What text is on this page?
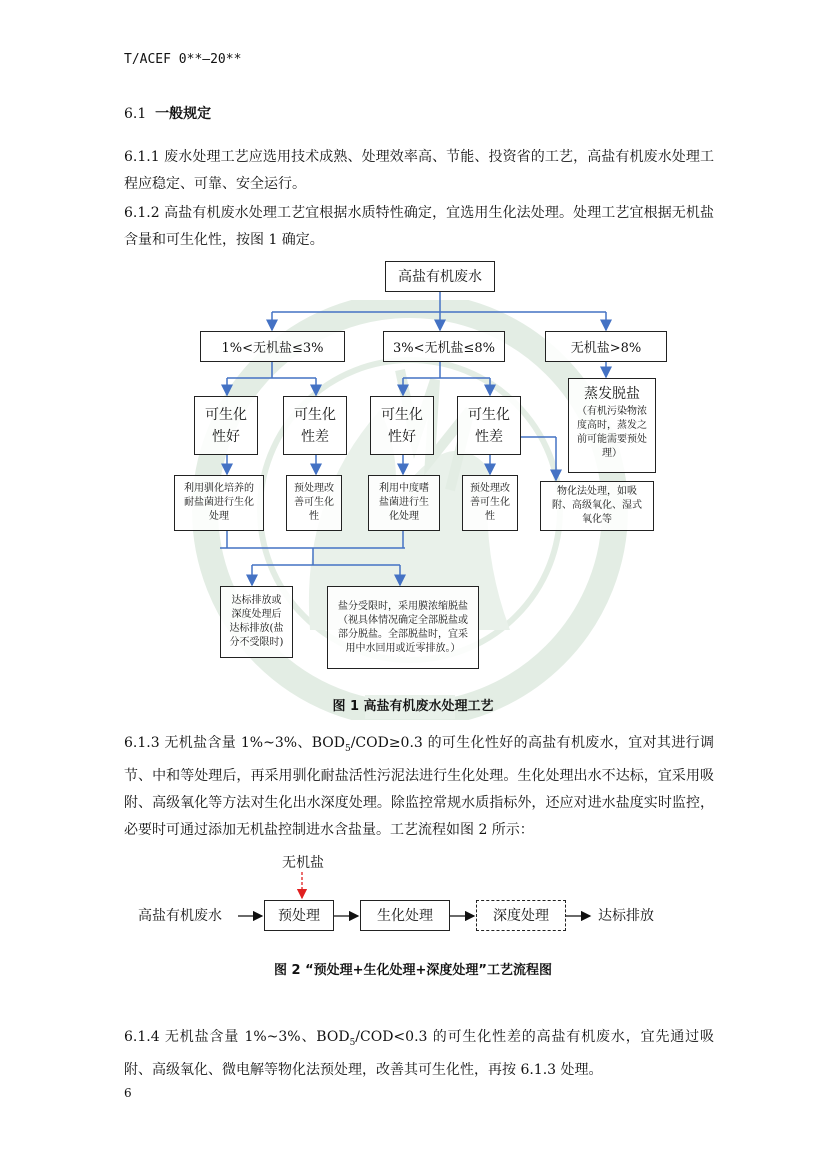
T/ACEF 0**—20**
6.1 一般规定
6.1.1 废水处理工艺应选用技术成熟、处理效率高、节能、投资省的工艺，高盐有机废水处理工程应稳定、可靠、安全运行。
6.1.2 高盐有机废水处理工艺宜根据水质特性确定，宜选用生化法处理。处理工艺宜根据无机盐含量和可生化性，按图 1 确定。
高盐有机废水
1%<无机盐≤3%	3%<无机盐≤8%	无机盐>8%
可生化性好
可生化性差
可生化性好
可生化性差
蒸发脱盐
（有机污染物浓度高时，蒸发之前可能需要预处理）
利用驯化培养的耐盐菌进行生化处理
预处理改善可生化性
利用中度嗜盐菌进行生化处理
预处理改善可生化性
物化法处理，如吸附、高级氧化、湿式氧化等
达标排放或深度处理后达标排放(盐分不受限时)
盐分受限时，采用膜浓缩脱盐（视具体情况确定全部脱盐或部分脱盐。全部脱盐时，宜采用中水回用或近零排放。）
图 1 高盐有机废水处理工艺
6.1.3 无机盐含量 1%~3%、$BOD_5/COD\ge 0.3$ 的可生化性好的高盐有机废水，宜对其进行调节、中和等处理后，再采用驯化耐盐活性污泥法进行生化处理。生化处理出水不达标，宜采用吸附、高级氧化等方法对生化出水深度处理。除监控常规水质指标外，还应对进水盐度实时监控，必要时可通过添加无机盐控制进水含盐量。工艺流程如图 2 所示：
无机盐
高盐有机废水	预处理	生化处理	深度处理	达标排放
图 2 “预处理+生化处理+深度处理”工艺流程图
6.1.4 无机盐含量 1%~3%、$BOD_5/COD<0.3$ 的可生化性差的高盐有机废水，宜先通过吸附、高级氧化、微电解等物化法预处理，改善其可生化性，再按 6.1.3 处理。
6
